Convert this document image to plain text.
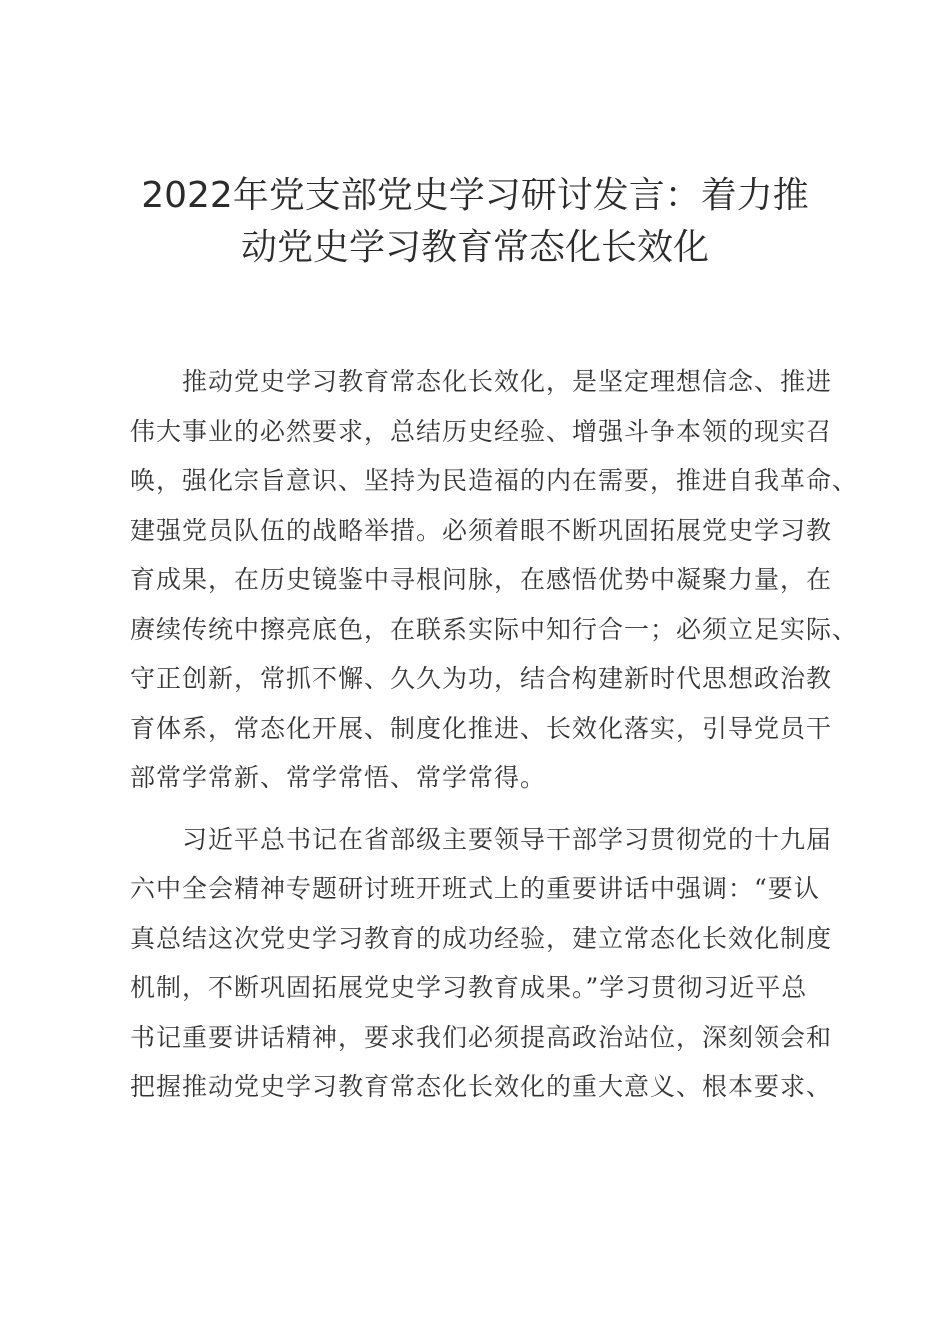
2022年党支部党史学习研讨发言：着力推
动党史学习教育常态化长效化
　　推动党史学习教育常态化长效化，是坚定理想信念、推进
伟大事业的必然要求，总结历史经验、增强斗争本领的现实召
唤，强化宗旨意识、坚持为民造福的内在需要，推进自我革命、
建强党员队伍的战略举措。必须着眼不断巩固拓展党史学习教
育成果，在历史镜鉴中寻根问脉，在感悟优势中凝聚力量，在
赓续传统中擦亮底色，在联系实际中知行合一；必须立足实际、
守正创新，常抓不懈、久久为功，结合构建新时代思想政治教
育体系，常态化开展、制度化推进、长效化落实，引导党员干
部常学常新、常学常悟、常学常得。
　　习近平总书记在省部级主要领导干部学习贯彻党的十九届
六中全会精神专题研讨班开班式上的重要讲话中强调：“要认
真总结这次党史学习教育的成功经验，建立常态化长效化制度
机制，不断巩固拓展党史学习教育成果。”学习贯彻习近平总
书记重要讲话精神，要求我们必须提高政治站位，深刻领会和
把握推动党史学习教育常态化长效化的重大意义、根本要求、
